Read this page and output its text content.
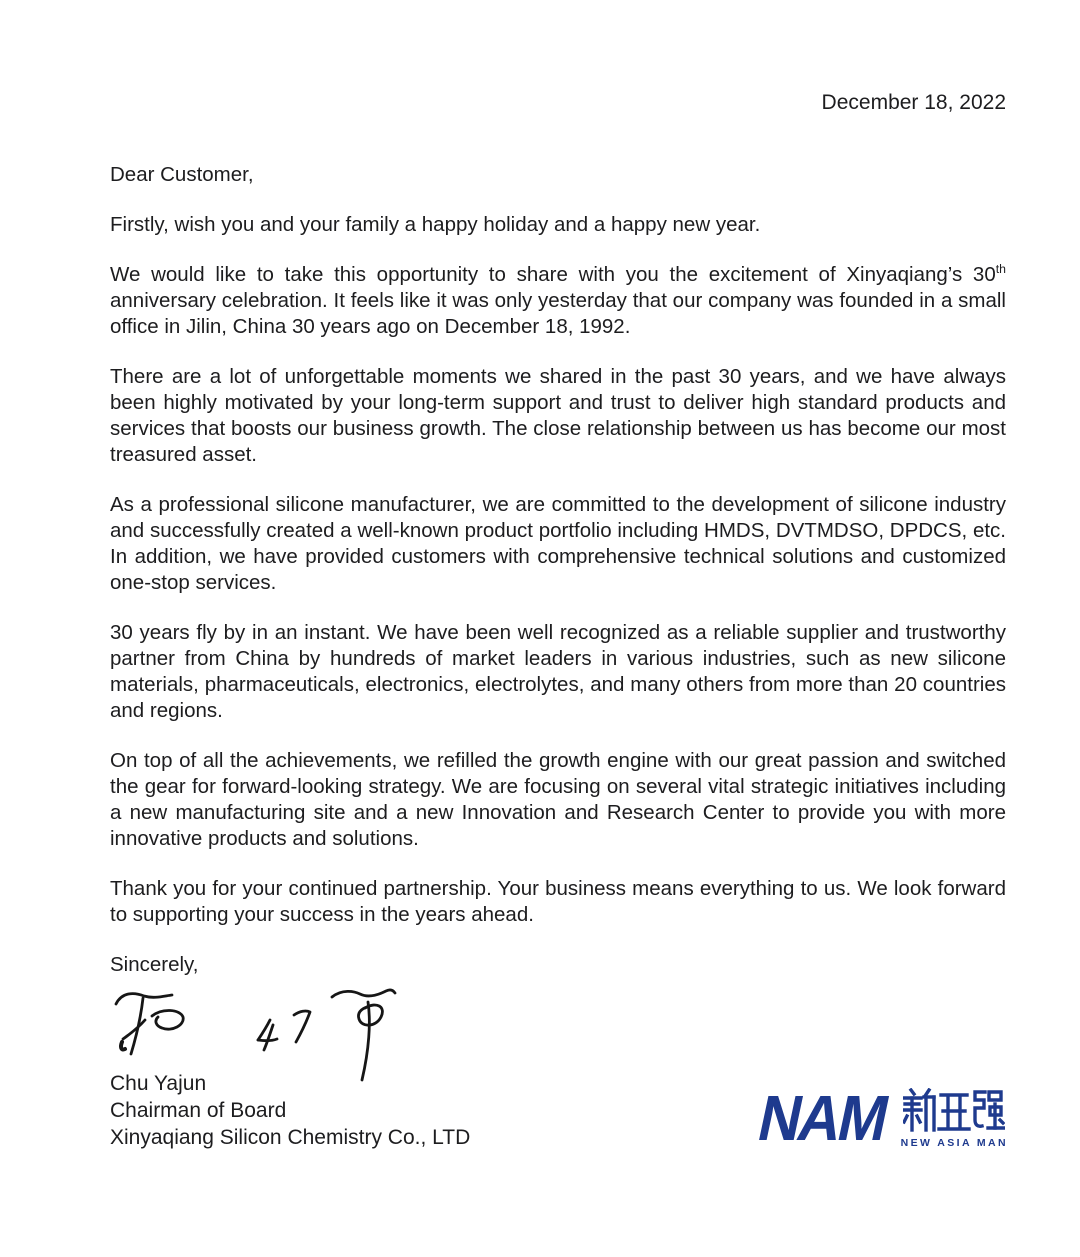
December 18, 2022
Dear Customer,

Firstly, wish you and your family a happy holiday and a happy new year.

We would like to take this opportunity to share with you the excitement of Xinyaqiang’s 30th anniversary celebration. It feels like it was only yesterday that our company was founded in a small office in Jilin, China 30 years ago on December 18, 1992.

There are a lot of unforgettable moments we shared in the past 30 years, and we have always been highly motivated by your long-term support and trust to deliver high standard products and services that boosts our business growth. The close relationship between us has become our most treasured asset.

As a professional silicone manufacturer, we are committed to the development of silicone industry and successfully created a well-known product portfolio including HMDS, DVTMDSO, DPDCS, etc. In addition, we have provided customers with comprehensive technical solutions and customized one-stop services.

30 years fly by in an instant. We have been well recognized as a reliable supplier and trustworthy partner from China by hundreds of market leaders in various industries, such as new silicone materials, pharmaceuticals, electronics, electrolytes, and many others from more than 20 countries and regions.

On top of all the achievements, we refilled the growth engine with our great passion and switched the gear for forward-looking strategy. We are focusing on several vital strategic initiatives including a new manufacturing site and a new Innovation and Research Center to provide you with more innovative products and solutions.

Thank you for your continued partnership. Your business means everything to us. We look forward to supporting your success in the years ahead.

Sincerely,
Chu Yajun
Chairman of Board
Xinyaqiang Silicon Chemistry Co., LTD	NAM NEW ASIA MAN
